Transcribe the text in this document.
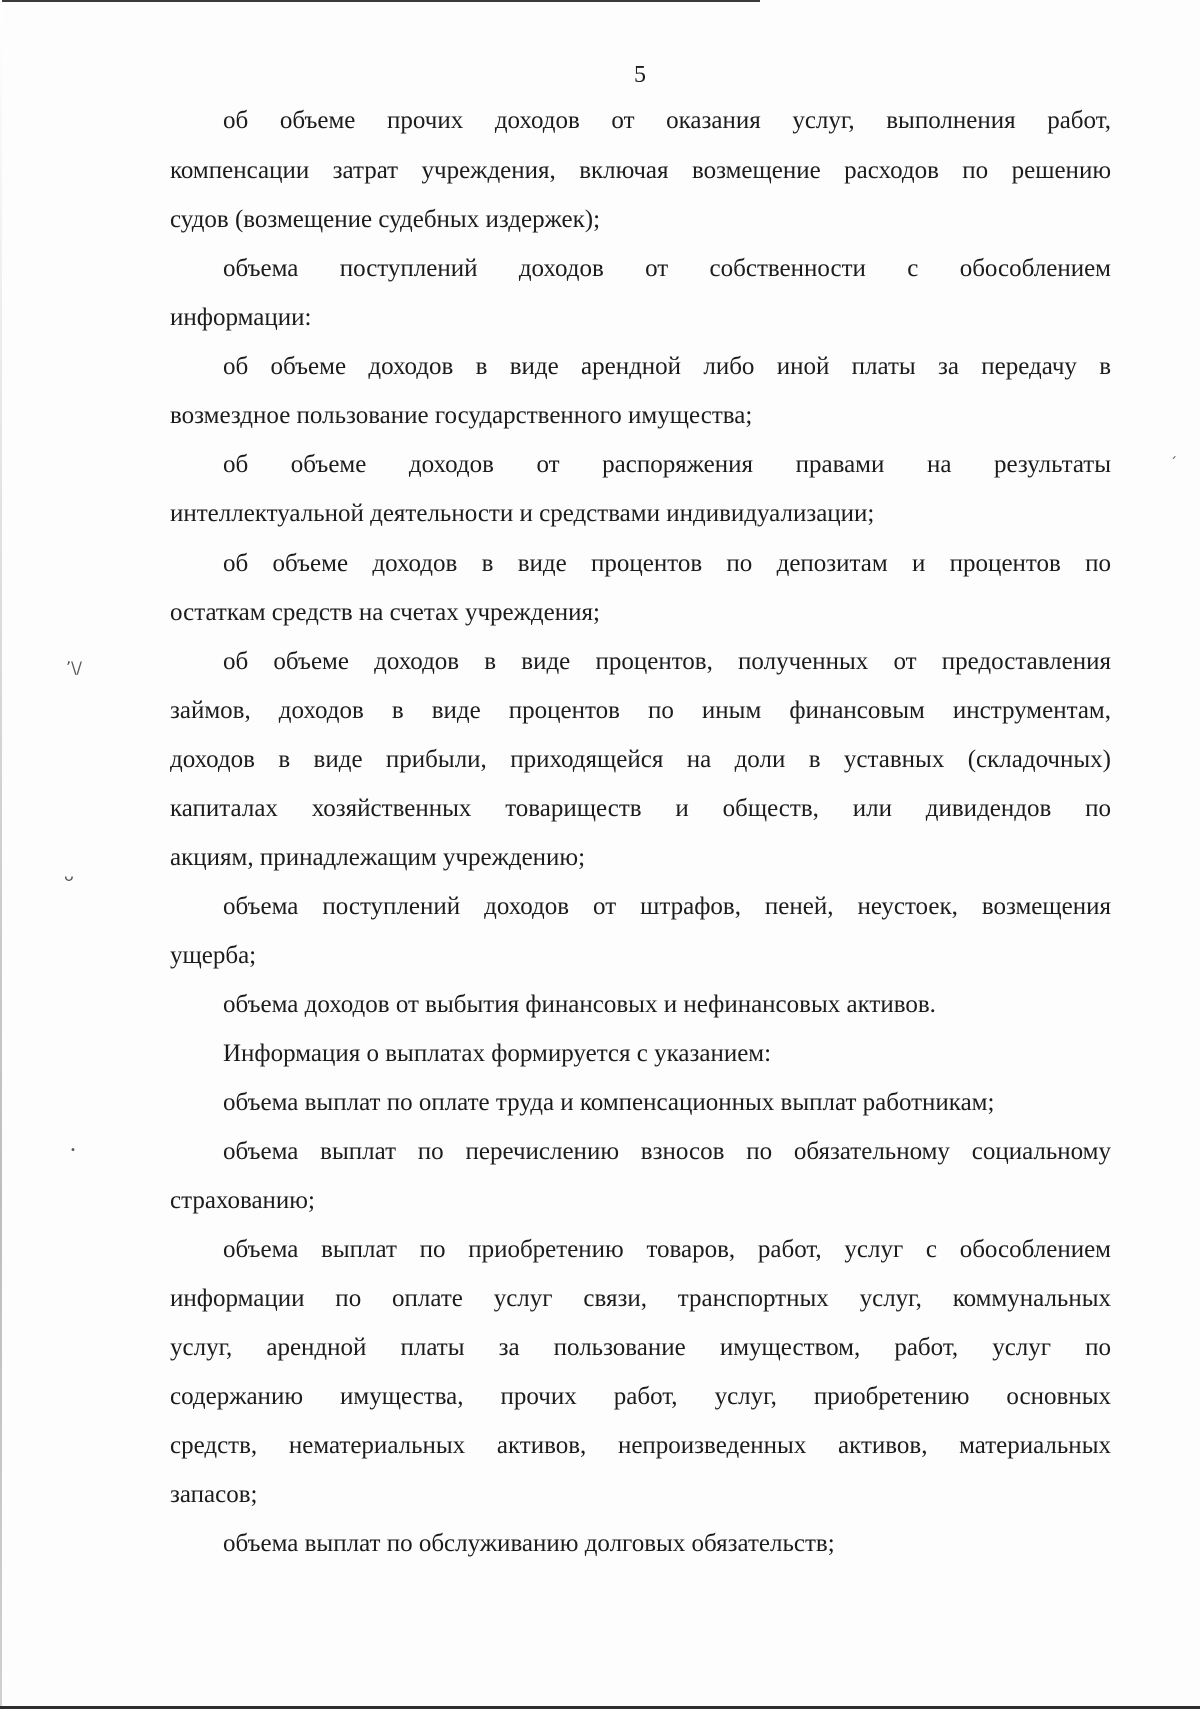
ʼ\/
ᴗ
•
ˊ
5
об объеме прочих доходов от оказания услуг, выполнения работ,
компенсации затрат учреждения, включая возмещение расходов по решению
судов (возмещение судебных издержек);
объема поступлений доходов от собственности с обособлением
информации:
об объеме доходов в виде арендной либо иной платы за передачу в
возмездное пользование государственного имущества;
об объеме доходов от распоряжения правами на результаты
интеллектуальной деятельности и средствами индивидуализации;
об объеме доходов в виде процентов по депозитам и процентов по
остаткам средств на счетах учреждения;
об объеме доходов в виде процентов, полученных от предоставления
займов, доходов в виде процентов по иным финансовым инструментам,
доходов в виде прибыли, приходящейся на доли в уставных (складочных)
капиталах хозяйственных товариществ и обществ, или дивидендов по
акциям, принадлежащим учреждению;
объема поступлений доходов от штрафов, пеней, неустоек, возмещения
ущерба;
объема доходов от выбытия финансовых и нефинансовых активов.
Информация о выплатах формируется с указанием:
объема выплат по оплате труда и компенсационных выплат работникам;
объема выплат по перечислению взносов по обязательному социальному
страхованию;
объема выплат по приобретению товаров, работ, услуг с обособлением
информации по оплате услуг связи, транспортных услуг, коммунальных
услуг, арендной платы за пользование имуществом, работ, услуг по
содержанию имущества, прочих работ, услуг, приобретению основных
средств, нематериальных активов, непроизведенных активов, материальных
запасов;
объема выплат по обслуживанию долговых обязательств;
